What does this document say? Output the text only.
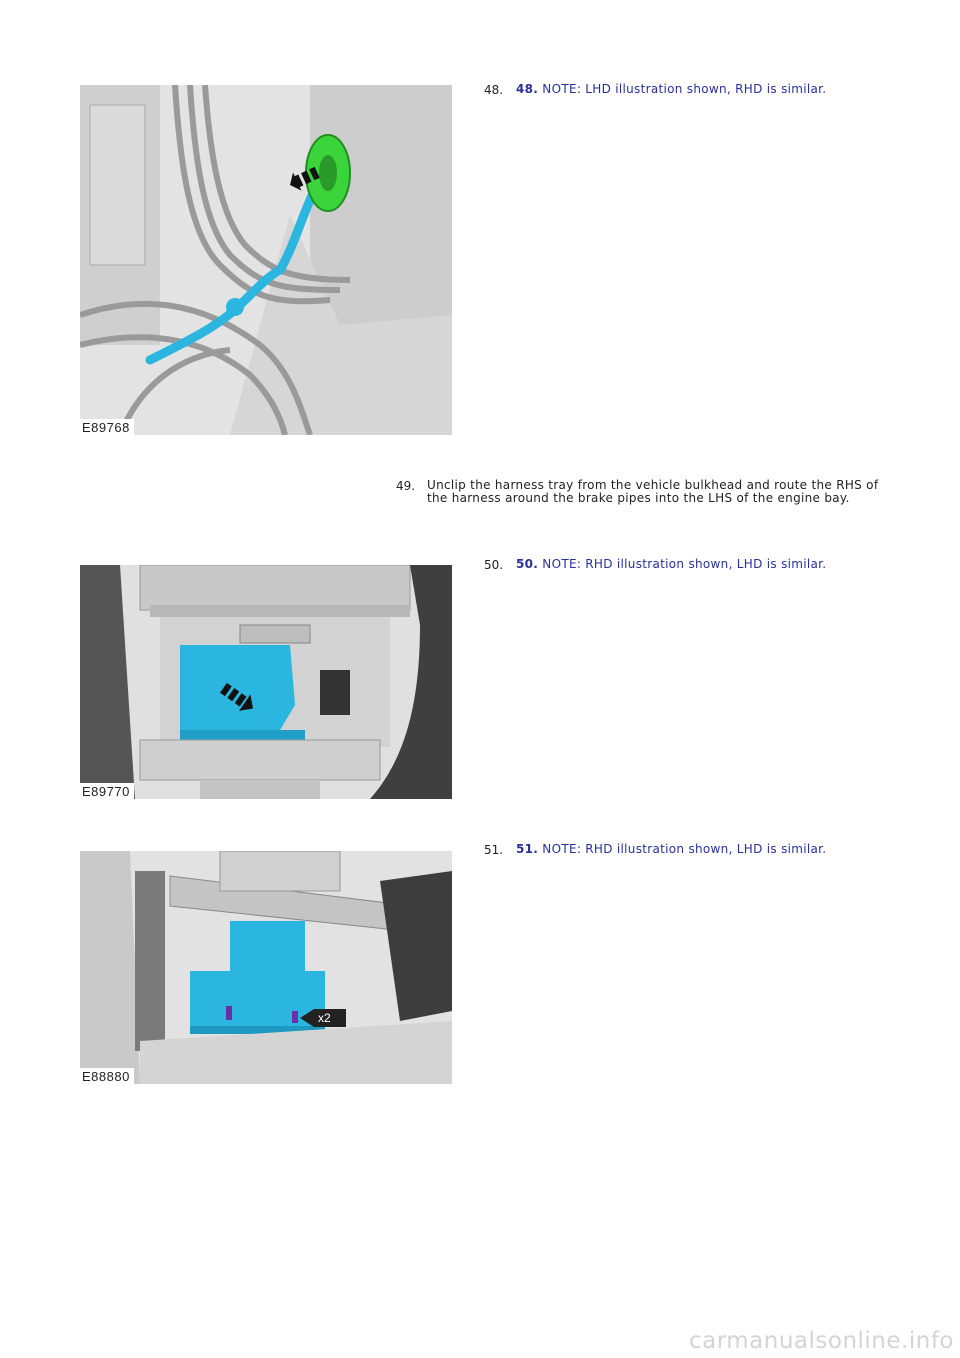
48. 48. NOTE: LHD illustration shown, RHD is similar.
E89768
49. Unclip the harness tray from the vehicle bulkhead and route the RHS of the harness around the brake pipes into the LHS of the engine bay.
50. 50. NOTE: RHD illustration shown, LHD is similar.
E89770
51. 51. NOTE: RHD illustration shown, LHD is similar.
x2
E88880
carmanualsonline.info
